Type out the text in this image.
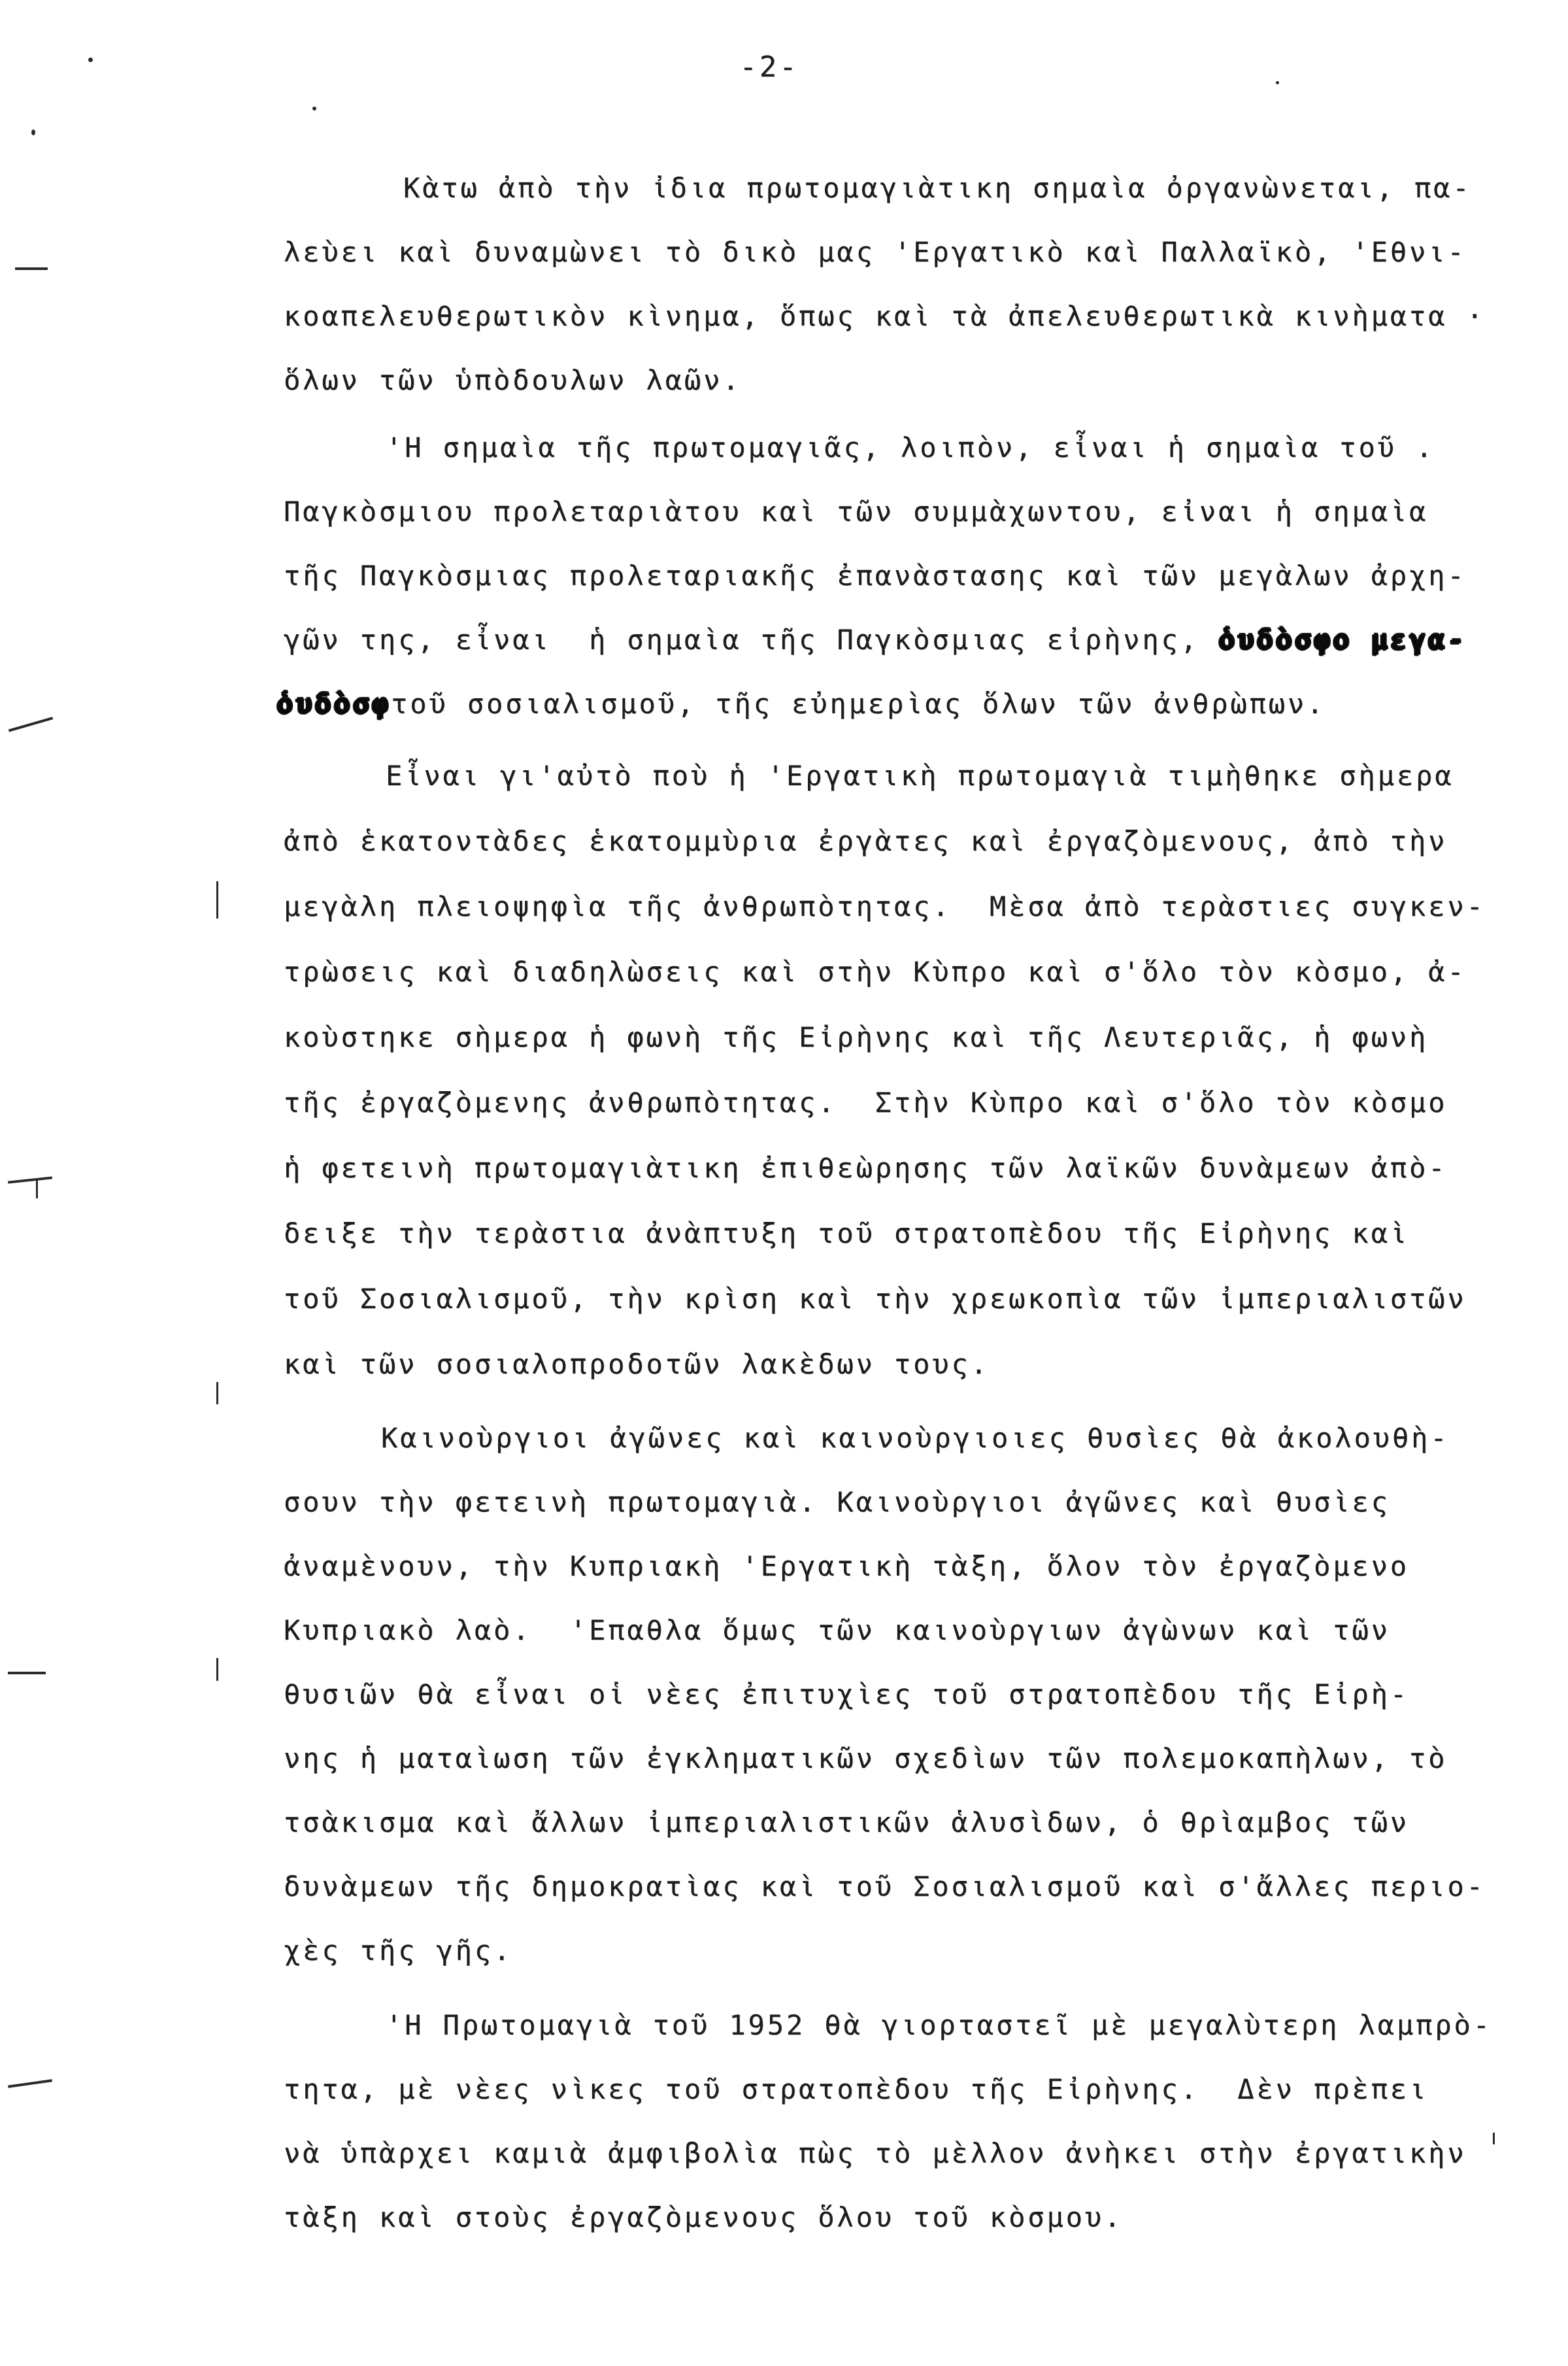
-2-
Κὰτω ἀπὸ τὴν ἰδια πρωτομαγιὰτικη σημαὶα ὀργανὼνεται, πα-
λεὺει καὶ δυναμὼνει τὸ δικὸ μας 'Εργατικὸ καὶ Παλλαϊκὸ, 'Εθνι-
κοαπελευθερωτικὸν κὶνημα, ὅπως καὶ τὰ ἀπελευθερωτικὰ κινὴματα ·
ὅλων τῶν ὑπὸδουλων λαῶν.
'Η σημαὶα τῆς πρωτομαγιᾶς, λοιπὸν, εἶναι ἡ σημαὶα τοῦ .
Παγκὸσμιου προλεταριὰτου καὶ τῶν συμμὰχωντου, εἰναι ἡ σημαὶα
τῆς Παγκὸσμιας προλεταριακῆς ἐπανὰστασης καὶ τῶν μεγὰλων ἀρχη-
γῶν της, εἶναι  ἡ σημαὶα τῆς Παγκὸσμιας εἰρὴνης, ὁυδὸσφο μεγα-
ὁυδὸσφτοῦ σοσιαλισμοῦ, τῆς εὐημερὶας ὅλων τῶν ἀνθρὼπων.
Εἶναι γι'αὐτὸ ποὺ ἡ 'Εργατικὴ πρωτομαγιὰ τιμὴθηκε σὴμερα
ἀπὸ ἑκατοντὰδες ἑκατομμὺρια ἐργὰτες καὶ ἐργαζὸμενους, ἀπὸ τὴν
μεγὰλη πλειοψηφὶα τῆς ἀνθρωπὸτητας.  Μὲσα ἀπὸ τερὰστιες συγκεν-
τρὼσεις καὶ διαδηλὼσεις καὶ στὴν Κὺπρο καὶ σ'ὅλο τὸν κὸσμο, ἀ-
κοὺστηκε σὴμερα ἡ φωνὴ τῆς Εἰρὴνης καὶ τῆς Λευτεριᾶς, ἡ φωνὴ
τῆς ἐργαζὸμενης ἀνθρωπὸτητας.  Στὴν Κὺπρο καὶ σ'ὅλο τὸν κὸσμο
ἡ φετεινὴ πρωτομαγιὰτικη ἐπιθεὼρησης τῶν λαϊκῶν δυνὰμεων ἀπὸ-
δειξε τὴν τερὰστια ἀνὰπτυξη τοῦ στρατοπὲδου τῆς Εἰρὴνης καὶ
τοῦ Σοσιαλισμοῦ, τὴν κρὶση καὶ τὴν χρεωκοπὶα τῶν ἰμπεριαλιστῶν
καὶ τῶν σοσιαλοπροδοτῶν λακὲδων τους.
Καινοὺργιοι ἀγῶνες καὶ καινοὺργιοιες θυσὶες θὰ ἀκολουθὴ-
σουν τὴν φετεινὴ πρωτομαγιὰ. Καινοὺργιοι ἀγῶνες καὶ θυσὶες
ἀναμὲνουν, τὴν Κυπριακὴ 'Εργατικὴ τὰξη, ὅλον τὸν ἐργαζὸμενο
Κυπριακὸ λαὸ.  'Επαθλα ὅμως τῶν καινοὺργιων ἀγὼνων καὶ τῶν
θυσιῶν θὰ εἶναι οἱ νὲες ἐπιτυχὶες τοῦ στρατοπὲδου τῆς Εἰρὴ-
νης ἡ ματαὶωση τῶν ἐγκληματικῶν σχεδὶων τῶν πολεμοκαπὴλων, τὸ
τσὰκισμα καὶ ἄλλων ἰμπεριαλιστικῶν ἁλυσὶδων, ὁ θρὶαμβος τῶν
δυνὰμεων τῆς δημοκρατὶας καὶ τοῦ Σοσιαλισμοῦ καὶ σ'ἄλλες περιο-
χὲς τῆς γῆς.
'Η Πρωτομαγιὰ τοῦ 1952 θὰ γιορταστεῖ μὲ μεγαλὺτερη λαμπρὸ-
τητα, μὲ νὲες νὶκες τοῦ στρατοπὲδου τῆς Εἰρὴνης.  Δὲν πρὲπει
νὰ ὑπὰρχει καμιὰ ἀμφιβολὶα πὼς τὸ μὲλλον ἀνὴκει στὴν ἐργατικὴν
τὰξη καὶ στοὺς ἐργαζὸμενους ὅλου τοῦ κὸσμου.
